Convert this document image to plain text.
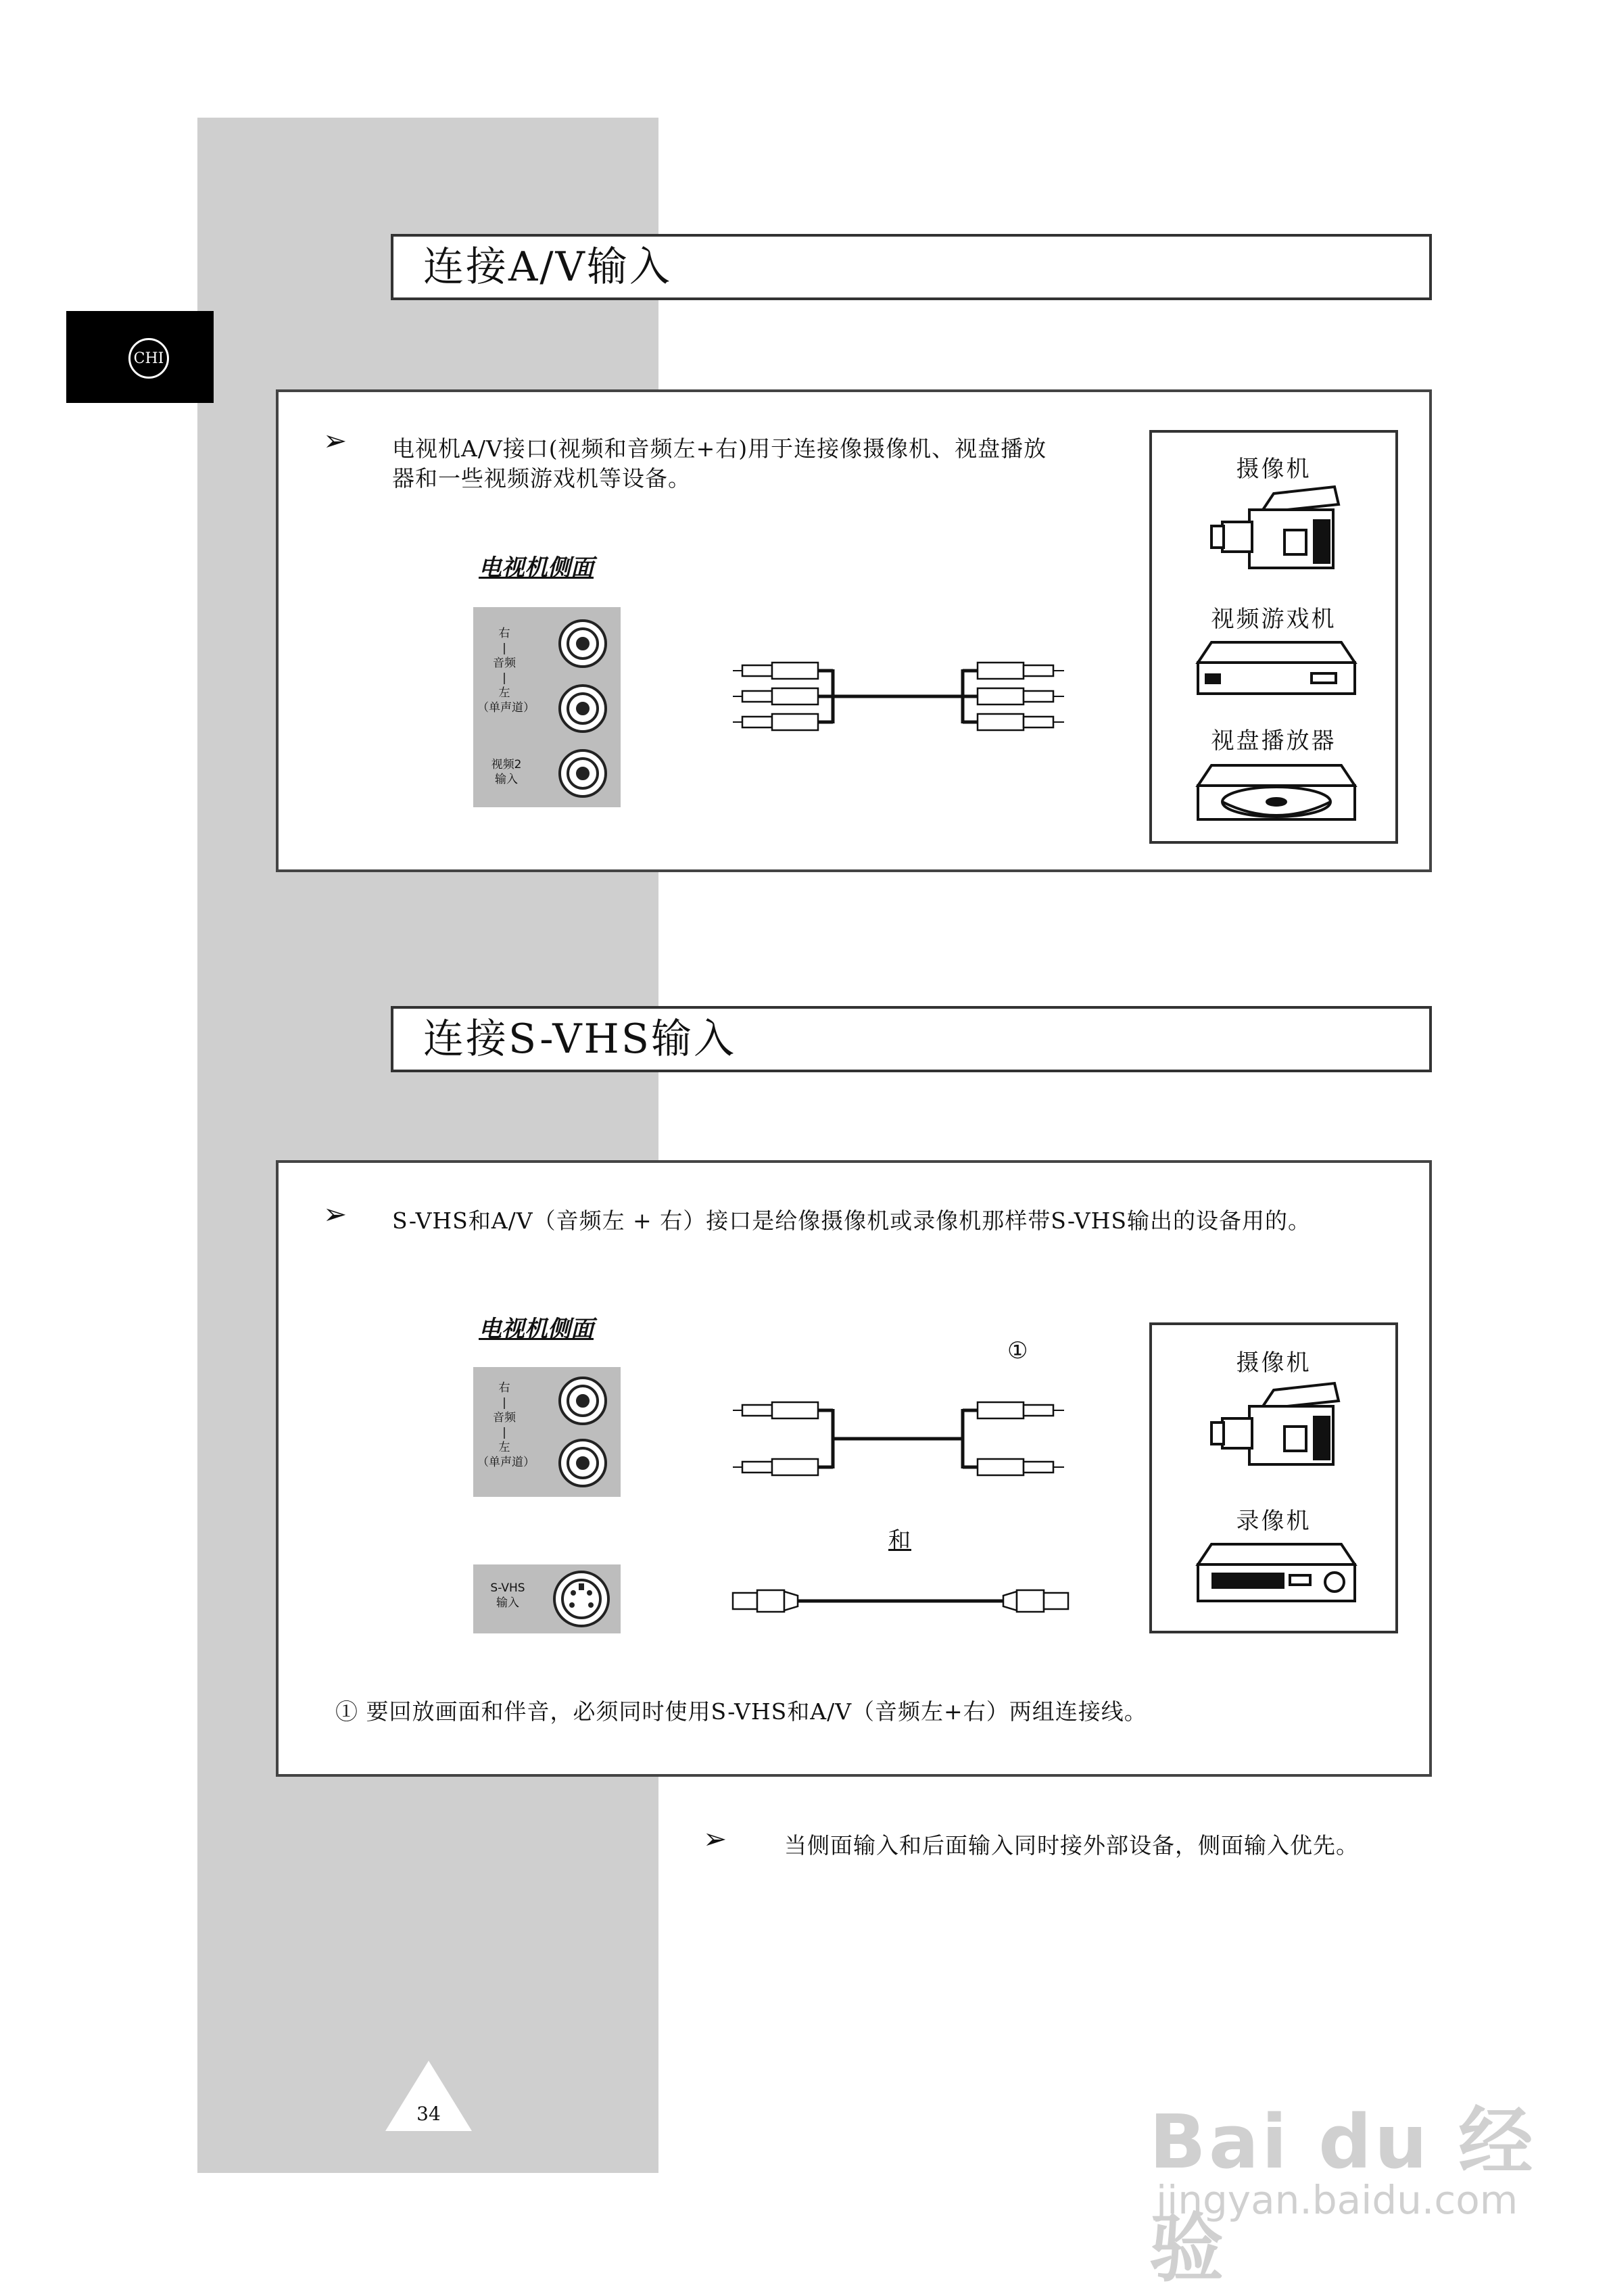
CHI
连接A/V输入
➢ 电视机A/V接口(视频和音频左+右)用于连接像摄像机、视盘播放
器和一些视频游戏机等设备。
电视机侧面
右
|
音频
|
左
（单声道）
视频2
输入
摄像机
视频游戏机
视盘播放器
连接S-VHS输入
➢ S-VHS和A/V（音频左 + 右）接口是给像摄像机或录像机那样带S-VHS输出的设备用的。
电视机侧面
右
|
音频
|
左
（单声道）
S-VHS
输入
①
和
摄像机
录像机
① 要回放画面和伴音，必须同时使用S-VHS和A/V（音频左+右）两组连接线。
➢	当侧面输入和后面输入同时接外部设备，侧面输入优先。
34	Bai du 经验
jingyan.baidu.com
